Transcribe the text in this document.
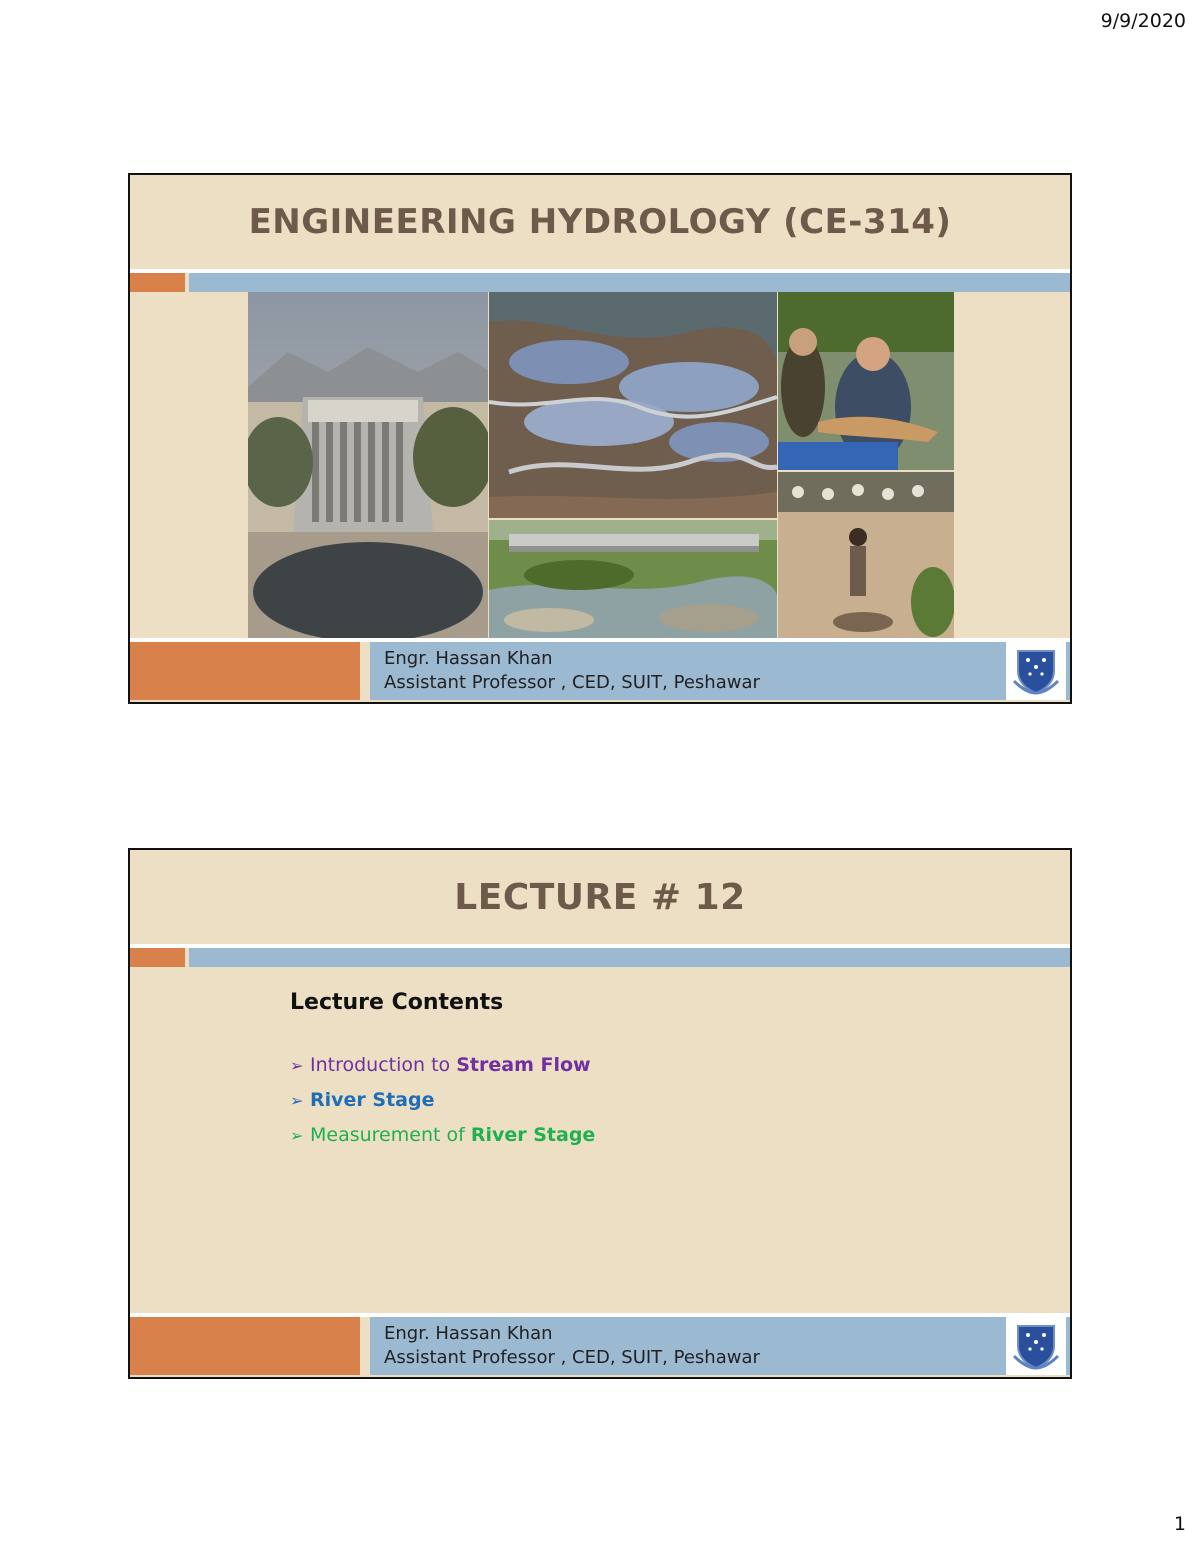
9/9/2020
ENGINEERING HYDROLOGY (CE-314)
Engr. Hassan Khan
Assistant Professor , CED, SUIT, Peshawar
LECTURE # 12
Lecture Contents
➢ Introduction to Stream Flow
➢ River Stage
➢ Measurement of River Stage
Engr. Hassan Khan
Assistant Professor , CED, SUIT, Peshawar
1
